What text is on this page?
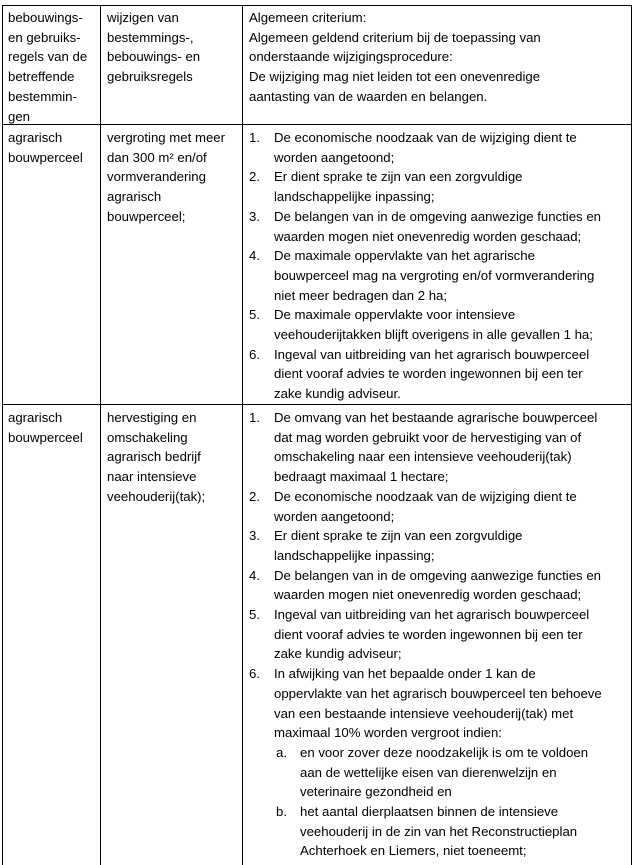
bebouwings-
en gebruiks-
regels van de
betreffende
bestemmin-
gen
wijzigen van
bestemmings-,
bebouwings- en
gebruiksregels
Algemeen criterium:
Algemeen geldend criterium bij de toepassing van
onderstaande wijzigingsprocedure:
De wijziging mag niet leiden tot een onevenredige
aantasting van de waarden en belangen.
agrarisch
bouwperceel
vergroting met meer
dan 300 m² en/of
vormverandering
agrarisch
bouwperceel;
1. De economische noodzaak van de wijziging dient te
worden aangetoond;
2. Er dient sprake te zijn van een zorgvuldige
landschappelijke inpassing;
3. De belangen van in de omgeving aanwezige functies en
waarden mogen niet onevenredig worden geschaad;
4. De maximale oppervlakte van het agrarische
bouwperceel mag na vergroting en/of vormverandering
niet meer bedragen dan 2 ha;
5. De maximale oppervlakte voor intensieve
veehouderijtakken blijft overigens in alle gevallen 1 ha;
6. Ingeval van uitbreiding van het agrarisch bouwperceel
dient vooraf advies te worden ingewonnen bij een ter
zake kundig adviseur.
agrarisch
bouwperceel
hervestiging en
omschakeling
agrarisch bedrijf
naar intensieve
veehouderij(tak);
1. De omvang van het bestaande agrarische bouwperceel
dat mag worden gebruikt voor de hervestiging van of
omschakeling naar een intensieve veehouderij(tak)
bedraagt maximaal 1 hectare;
2. De economische noodzaak van de wijziging dient te
worden aangetoond;
3. Er dient sprake te zijn van een zorgvuldige
landschappelijke inpassing;
4. De belangen van in de omgeving aanwezige functies en
waarden mogen niet onevenredig worden geschaad;
5. Ingeval van uitbreiding van het agrarisch bouwperceel
dient vooraf advies te worden ingewonnen bij een ter
zake kundig adviseur;
6. In afwijking van het bepaalde onder 1 kan de
oppervlakte van het agrarisch bouwperceel ten behoeve
van een bestaande intensieve veehouderij(tak) met
maximaal 10% worden vergroot indien:
a. en voor zover deze noodzakelijk is om te voldoen
aan de wettelijke eisen van dierenwelzijn en
veterinaire gezondheid en
b. het aantal dierplaatsen binnen de intensieve
veehouderij in de zin van het Reconstructieplan
Achterhoek en Liemers, niet toeneemt;
